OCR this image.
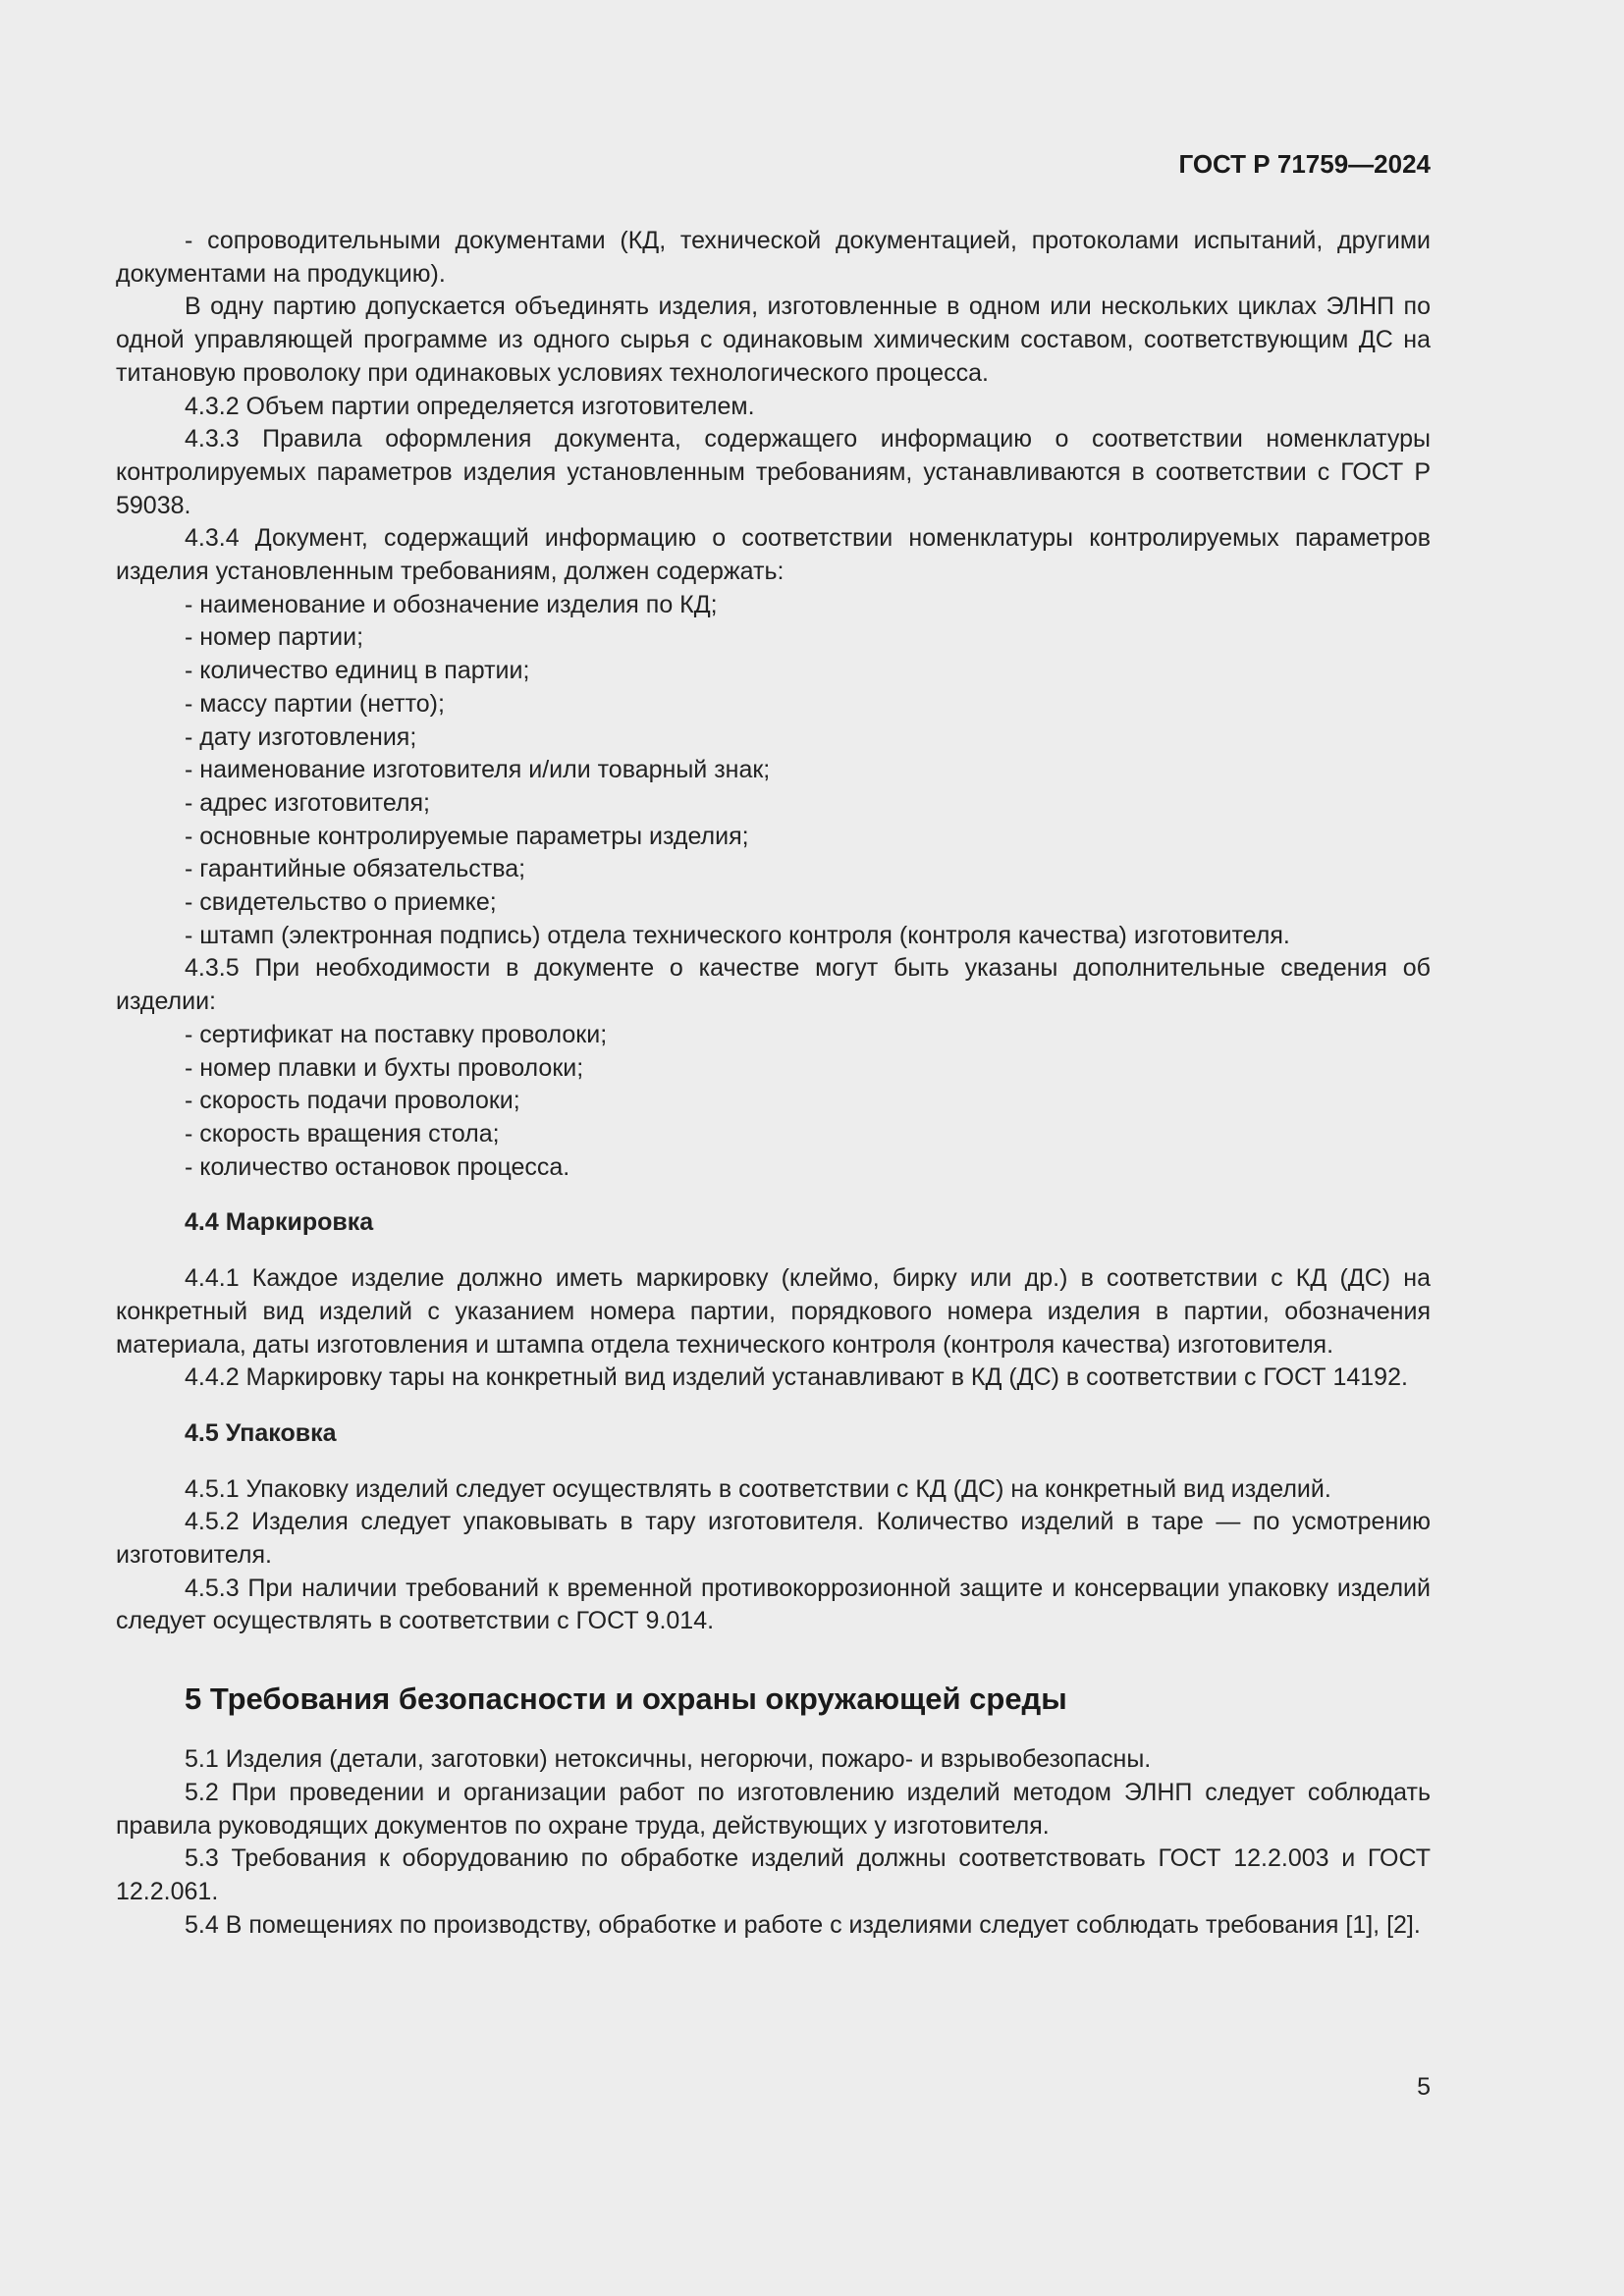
ГОСТ Р 71759—2024

- сопроводительными документами (КД, технической документацией, протоколами испытаний, другими документами на продукцию).

В одну партию допускается объединять изделия, изготовленные в одном или нескольких циклах ЭЛНП по одной управляющей программе из одного сырья с одинаковым химическим составом, соответствующим ДС на титановую проволоку при одинаковых условиях технологического процесса.

4.3.2 Объем партии определяется изготовителем.

4.3.3 Правила оформления документа, содержащего информацию о соответствии номенклатуры контролируемых параметров изделия установленным требованиям, устанавливаются в соответствии с ГОСТ Р 59038.

4.3.4 Документ, содержащий информацию о соответствии номенклатуры контролируемых параметров изделия установленным требованиям, должен содержать:

- наименование и обозначение изделия по КД;

- номер партии;

- количество единиц в партии;

- массу партии (нетто);

- дату изготовления;

- наименование изготовителя и/или товарный знак;

- адрес изготовителя;

- основные контролируемые параметры изделия;

- гарантийные обязательства;

- свидетельство о приемке;

- штамп (электронная подпись) отдела технического контроля (контроля качества) изготовителя.

4.3.5 При необходимости в документе о качестве могут быть указаны дополнительные сведения об изделии:

- сертификат на поставку проволоки;

- номер плавки и бухты проволоки;

- скорость подачи проволоки;

- скорость вращения стола;

- количество остановок процесса.

4.4 Маркировка

4.4.1 Каждое изделие должно иметь маркировку (клеймо, бирку или др.) в соответствии с КД (ДС) на конкретный вид изделий с указанием номера партии, порядкового номера изделия в партии, обозначения материала, даты изготовления и штампа отдела технического контроля (контроля качества) изготовителя.

4.4.2 Маркировку тары на конкретный вид изделий устанавливают в КД (ДС) в соответствии с ГОСТ 14192.

4.5 Упаковка

4.5.1 Упаковку изделий следует осуществлять в соответствии с КД (ДС) на конкретный вид изделий.

4.5.2 Изделия следует упаковывать в тару изготовителя. Количество изделий в таре — по усмотрению изготовителя.

4.5.3 При наличии требований к временной противокоррозионной защите и консервации упаковку изделий следует осуществлять в соответствии с ГОСТ 9.014.

5 Требования безопасности и охраны окружающей среды

5.1 Изделия (детали, заготовки) нетоксичны, негорючи, пожаро- и взрывобезопасны.

5.2 При проведении и организации работ по изготовлению изделий методом ЭЛНП следует соблюдать правила руководящих документов по охране труда, действующих у изготовителя.

5.3 Требования к оборудованию по обработке изделий должны соответствовать ГОСТ 12.2.003 и ГОСТ 12.2.061.

5.4 В помещениях по производству, обработке и работе с изделиями следует соблюдать требования [1], [2].

5
